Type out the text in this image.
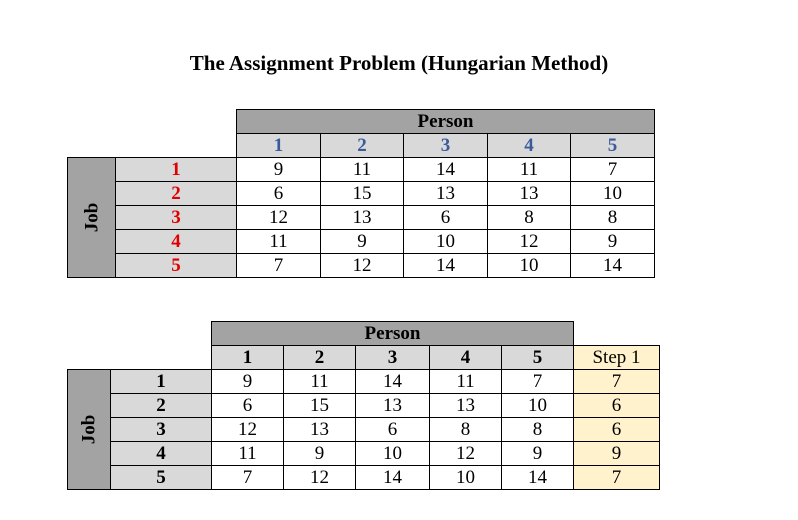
The Assignment Problem (Hungarian Method)
		Person				
		1	2	3	4	5
Job	1	9	11	14	11	7
	2	6	15	13	13	10
	3	12	13	6	8	8
	4	11	9	10	12	9
	5	7	12	14	10	14
		Person					
		1	2	3	4	5	Step 1
Job	1	9	11	14	11	7	7
	2	6	15	13	13	10	6
	3	12	13	6	8	8	6
	4	11	9	10	12	9	9
	5	7	12	14	10	14	7
